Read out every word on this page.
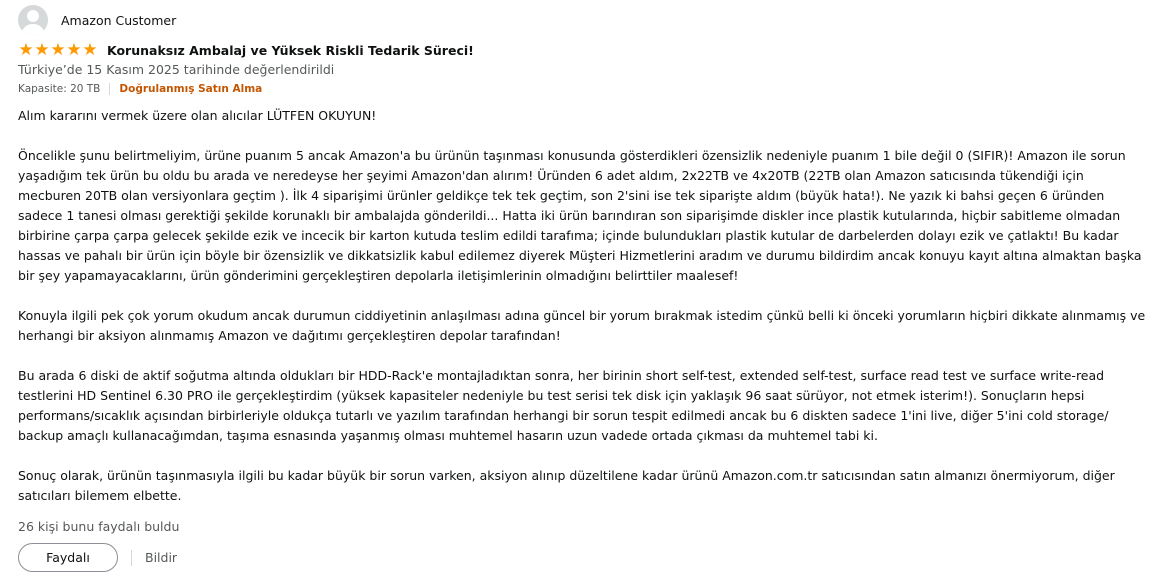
Amazon Customer
★ ★ ★ ★ ★ Korunaksız Ambalaj ve Yüksek Riskli Tedarik Süreci!
Türkiye’de 15 Kasım 2025 tarihinde değerlendirildi
Kapasite: 20 TB Doğrulanmış Satın Alma
Alım kararını vermek üzere olan alıcılar LÜTFEN OKUYUN!

Öncelikle şunu belirtmeliyim, ürüne puanım 5 ancak Amazon'a bu ürünün taşınması konusunda gösterdikleri özensizlik nedeniyle puanım 1 bile değil 0 (SIFIR)! Amazon ile sorun yaşadığım tek ürün bu oldu bu arada ve neredeyse her şeyimi Amazon'dan alırım! Üründen 6 adet aldım, 2x22TB ve 4x20TB (22TB olan Amazon satıcısında tükendiği için mecburen 20TB olan versiyonlara geçtim ). İlk 4 siparişimi ürünler geldikçe tek tek geçtim, son 2'sini ise tek siparişte aldım (büyük hata!). Ne yazık ki bahsi geçen 6 üründen sadece 1 tanesi olması gerektiği şekilde korunaklı bir ambalajda gönderildi... Hatta iki ürün barındıran son siparişimde diskler ince plastik kutularında, hiçbir sabitleme olmadan birbirine çarpa çarpa gelecek şekilde ezik ve incecik bir karton kutuda teslim edildi tarafıma; içinde bulundukları plastik kutular de darbelerden dolayı ezik ve çatlaktı! Bu kadar hassas ve pahalı bir ürün için böyle bir özensizlik ve dikkatsizlik kabul edilemez diyerek Müşteri Hizmetlerini aradım ve durumu bildirdim ancak konuyu kayıt altına almaktan başka bir şey yapamayacaklarını, ürün gönderimini gerçekleştiren depolarla iletişimlerinin olmadığını belirttiler maalesef!

Konuyla ilgili pek çok yorum okudum ancak durumun ciddiyetinin anlaşılması adına güncel bir yorum bırakmak istedim çünkü belli ki önceki yorumların hiçbiri dikkate alınmamış ve herhangi bir aksiyon alınmamış Amazon ve dağıtımı gerçekleştiren depolar tarafından!

Bu arada 6 diski de aktif soğutma altında oldukları bir HDD-Rack'e montajladıktan sonra, her birinin short self-test, extended self-test, surface read test ve surface write-read testlerini HD Sentinel 6.30 PRO ile gerçekleştirdim (yüksek kapasiteler nedeniyle bu test serisi tek disk için yaklaşık 96 saat sürüyor, not etmek isterim!). Sonuçların hepsi performans/sıcaklık açısından birbirleriyle oldukça tutarlı ve yazılım tarafından herhangi bir sorun tespit edilmedi ancak bu 6 diskten sadece 1'ini live, diğer 5'ini cold storage/ backup amaçlı kullanacağımdan, taşıma esnasında yaşanmış olması muhtemel hasarın uzun vadede ortada çıkması da muhtemel tabi ki.

Sonuç olarak, ürünün taşınmasıyla ilgili bu kadar büyük bir sorun varken, aksiyon alınıp düzeltilene kadar ürünü Amazon.com.tr satıcısından satın almanızı önermiyorum, diğer satıcıları bilemem elbette.
26 kişi bunu faydalı buldu
Faydalı	Bildir
